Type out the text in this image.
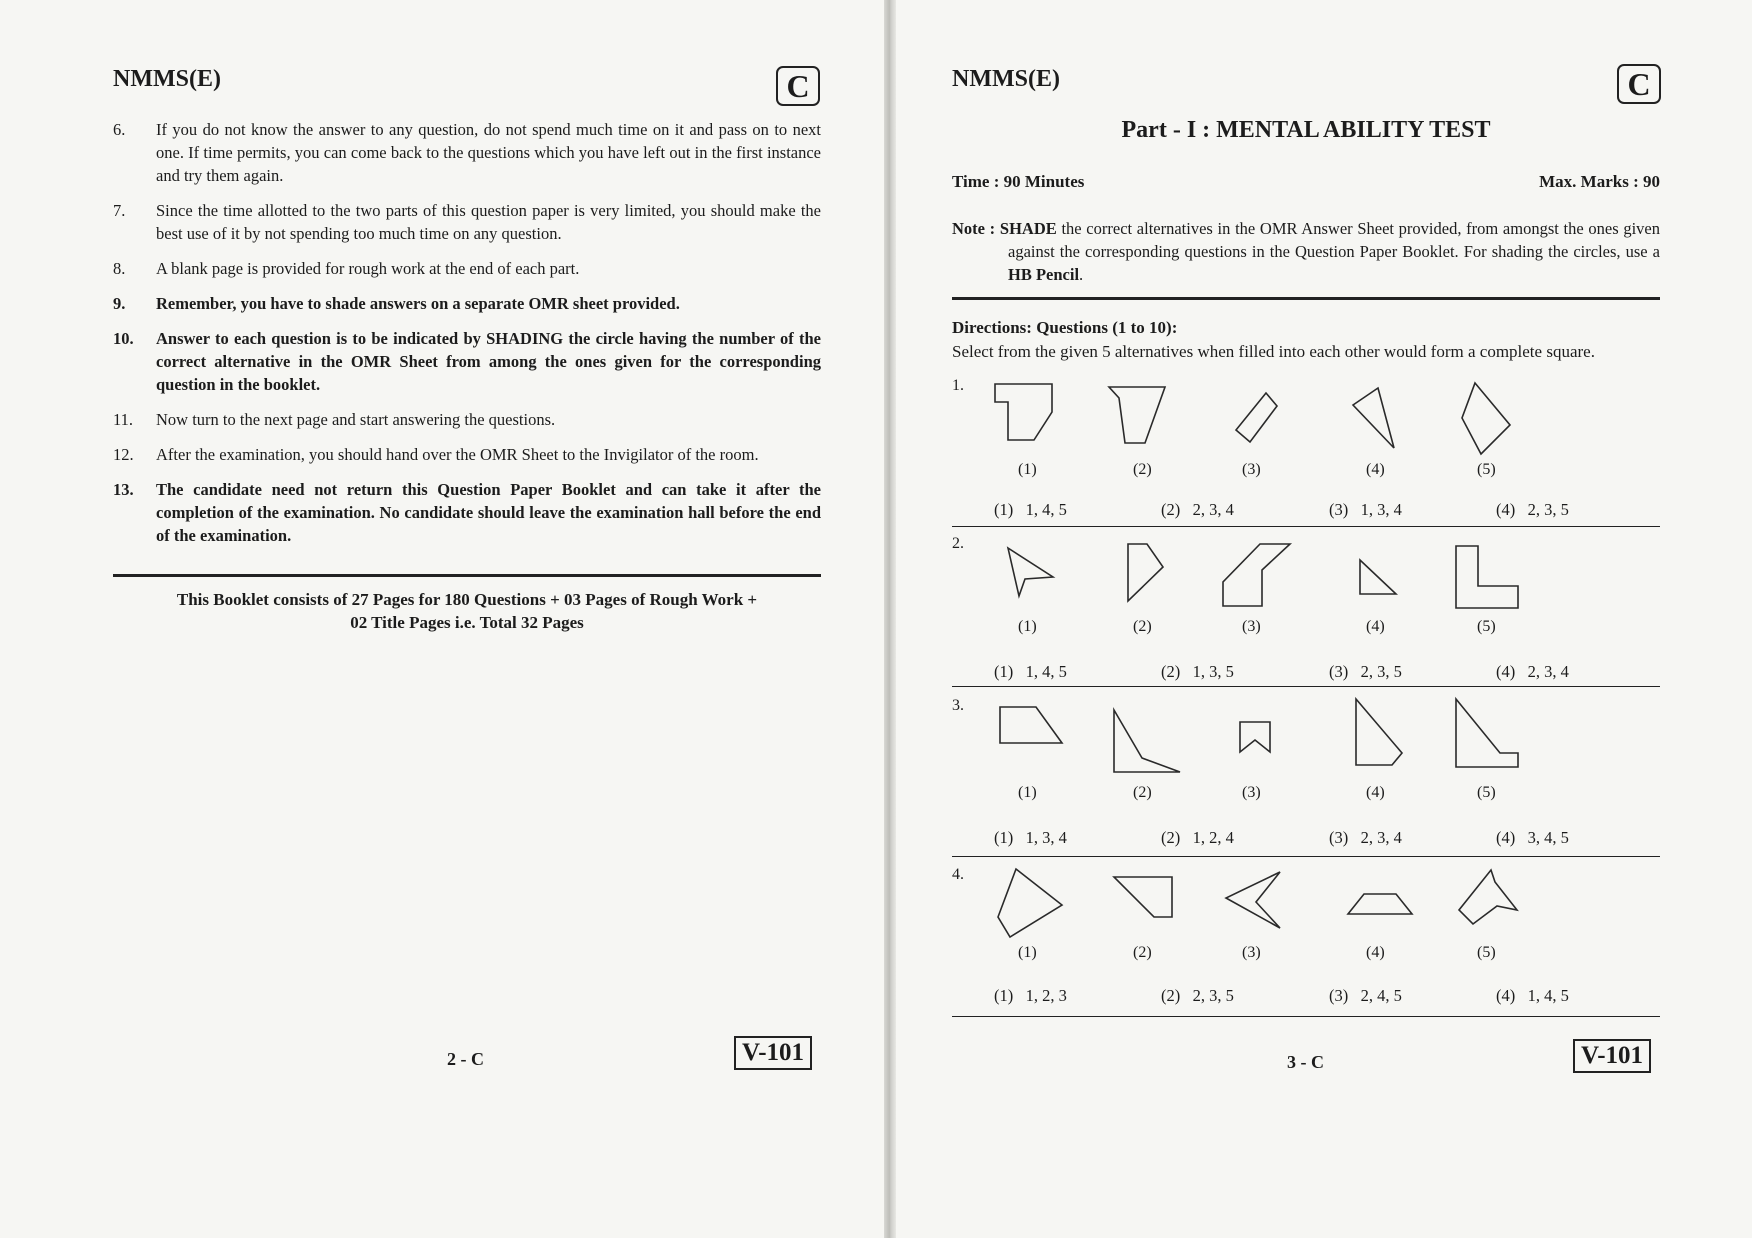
NMMS(E)	C
6. If you do not know the answer to any question, do not spend much time on it and pass on to next one. If time permits, you can come back to the questions which you have left out in the first instance and try them again.
7. Since the time allotted to the two parts of this question paper is very limited, you should make the best use of it by not spending too much time on any question.
8. A blank page is provided for rough work at the end of each part.
9. Remember, you have to shade answers on a separate OMR sheet provided.
10. Answer to each question is to be indicated by SHADING the circle having the number of the correct alternative in the OMR Sheet from among the ones given for the corresponding question in the booklet.
11. Now turn to the next page and start answering the questions.
12. After the examination, you should hand over the OMR Sheet to the Invigilator of the room.
13. The candidate need not return this Question Paper Booklet and can take it after the completion of the examination. No candidate should leave the examination hall before the end of the examination.
This Booklet consists of 27 Pages for 180 Questions + 03 Pages of Rough Work +
02 Title Pages i.e. Total 32 Pages
2 - C	V-101
NMMS(E)	C
Part - I : MENTAL ABILITY TEST
Time : 90 Minutes	Max. Marks : 90
Note : SHADE the correct alternatives in the OMR Answer Sheet provided, from amongst the ones given against the corresponding questions in the Question Paper Booklet. For shading the circles, use a HB Pencil.
Directions: Questions (1 to 10):
Select from the given 5 alternatives when filled into each other would form a complete square.
1.
2.
3.
4.
(1)	(2)	(3)	(4)	(5)
(1) 1, 4, 5	(2) 2, 3, 4	(3) 1, 3, 4	(4) 2, 3, 5
(1)	(2)	(3)	(4)	(5)
(1) 1, 4, 5	(2) 1, 3, 5	(3) 2, 3, 5	(4) 2, 3, 4
(1)	(2)	(3)	(4)	(5)
(1) 1, 3, 4	(2) 1, 2, 4	(3) 2, 3, 4	(4) 3, 4, 5
(1)	(2)	(3)	(4)	(5)
(1) 1, 2, 3	(2) 2, 3, 5	(3) 2, 4, 5	(4) 1, 4, 5
3 - C	V-101
